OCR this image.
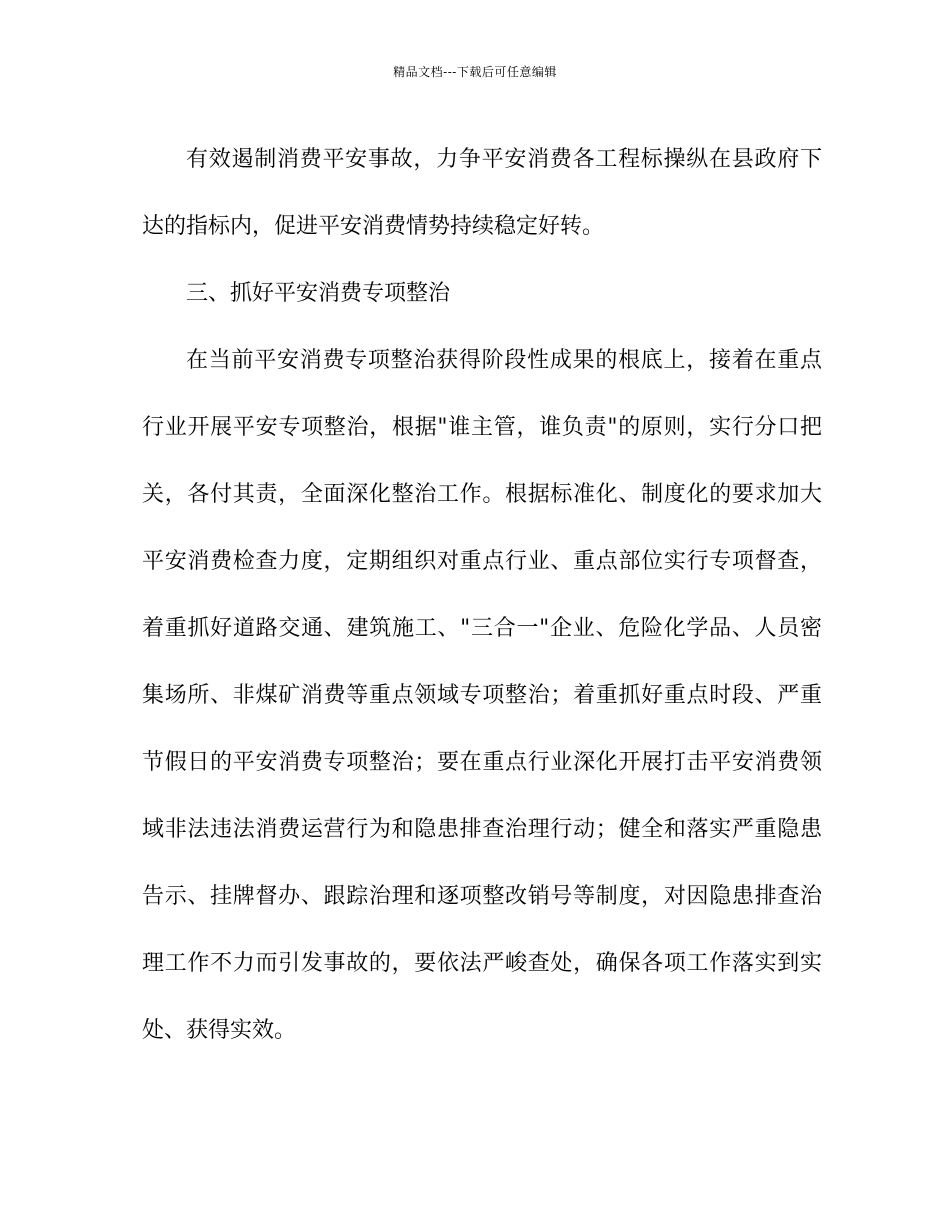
精品文档---下载后可任意编辑
有效遏制消费平安事故，力争平安消费各工程标操纵在县政府下
达的指标内，促进平安消费情势持续稳定好转。
三、抓好平安消费专项整治
在当前平安消费专项整治获得阶段性成果的根底上，接着在重点
行业开展平安专项整治，根据"谁主管，谁负责"的原则，实行分口把
关，各付其责，全面深化整治工作。根据标准化、制度化的要求加大
平安消费检查力度，定期组织对重点行业、重点部位实行专项督查，
着重抓好道路交通、建筑施工、"三合一"企业、危险化学品、人员密
集场所、非煤矿消费等重点领域专项整治；着重抓好重点时段、严重
节假日的平安消费专项整治；要在重点行业深化开展打击平安消费领
域非法违法消费运营行为和隐患排查治理行动；健全和落实严重隐患
告示、挂牌督办、跟踪治理和逐项整改销号等制度，对因隐患排查治
理工作不力而引发事故的，要依法严峻查处，确保各项工作落实到实
处、获得实效。
